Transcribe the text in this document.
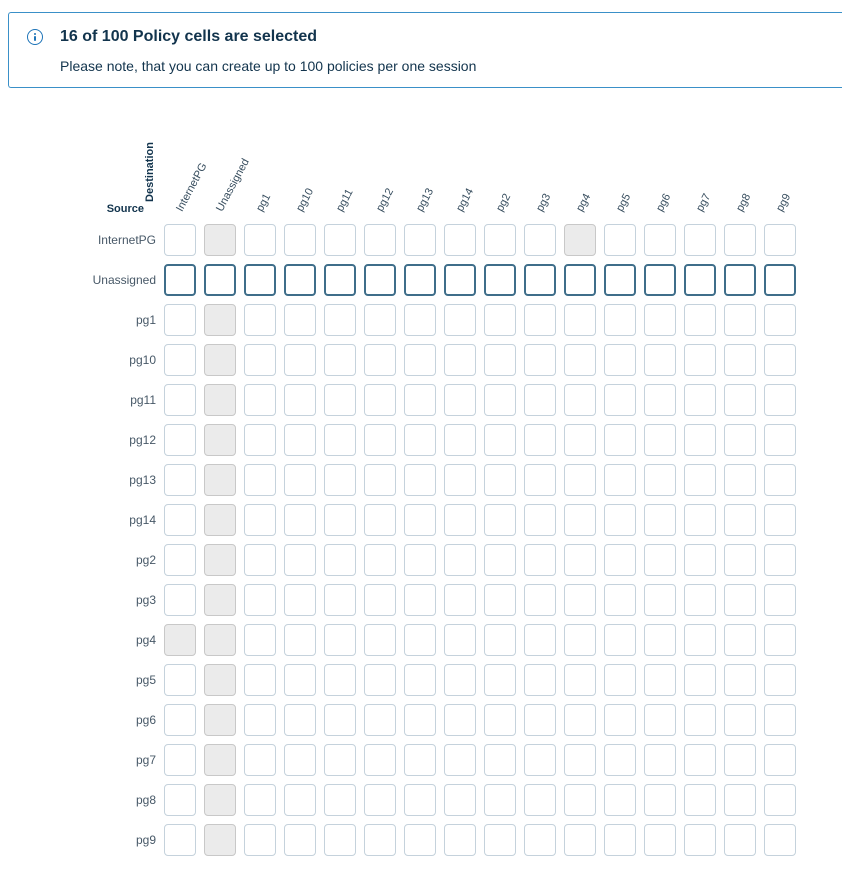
16 of 100 Policy cells are selected
Please note, that you can create up to 100 policies per one session
Destination
Source	InternetPG Unassigned pg1 pg10 pg11 pg12 pg13 pg14 pg2 pg3 pg4 pg5 pg6 pg7 pg8 pg9
InternetPG
Unassigned
pg1
pg10
pg11
pg12
pg13
pg14
pg2
pg3
pg4
pg5
pg6
pg7
pg8
pg9
